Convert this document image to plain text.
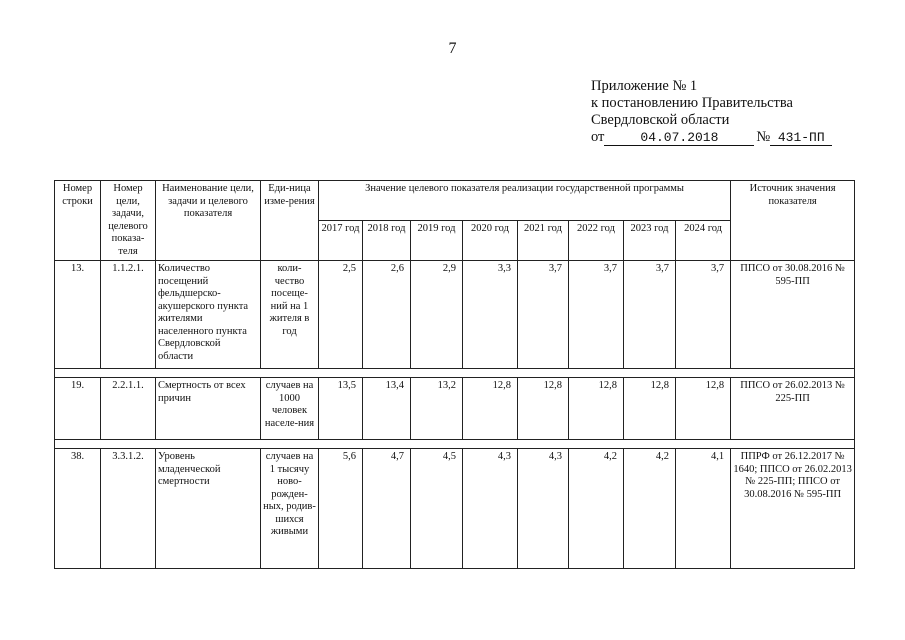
7
Приложение № 1
к постановлению Правительства
Свердловской области
от	04.07.2018	№ 431-ПП
Номер строки	Номер цели, задачи, целевого показа-теля	Наименование цели, задачи и целевого показателя	Еди-ница изме-рения	Значение целевого показателя реализации государственной программы								Источник значения показателя
				2017 год	2018 год	2019 год	2020 год	2021 год	2022 год	2023 год	2024 год	
13.	1.1.2.1.	Количество посещений фельдшерско-акушерского пункта жителями населенного пункта Свердловской области	коли-чество посеще-ний на 1 жителя в год	2,5	2,6	2,9	3,3	3,7	3,7	3,7	3,7	ППСО от 30.08.2016 № 595-ПП

19.	2.2.1.1.	Смертность от всех причин	случаев на 1000 человек населе-ния	13,5	13,4	13,2	12,8	12,8	12,8	12,8	12,8	ППСО от 26.02.2013 № 225-ПП

38.	3.3.1.2.	Уровень младенческой смертности	случаев на 1 тысячу ново-рожден-ных, родив-шихся живыми	5,6	4,7	4,5	4,3	4,3	4,2	4,2	4,1	ППРФ от 26.12.2017 № 1640; ППСО от 26.02.2013 № 225-ПП; ППСО от 30.08.2016 № 595-ПП
